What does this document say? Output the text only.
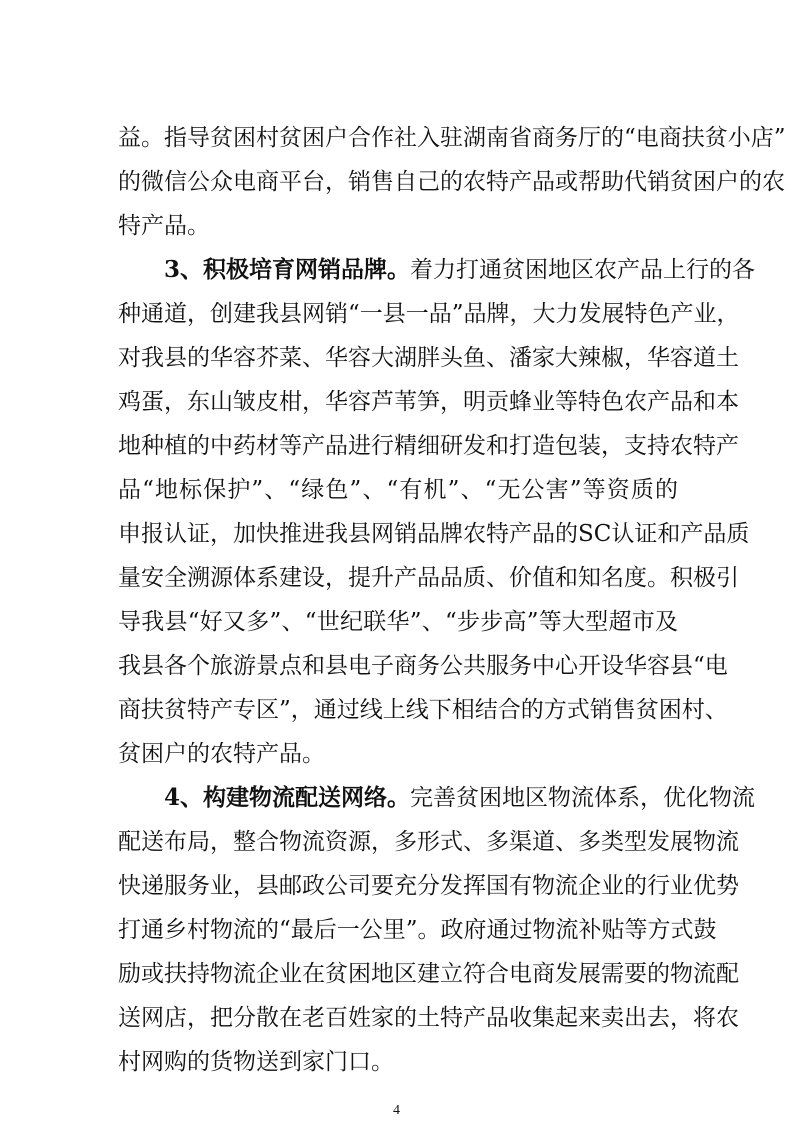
益。指导贫困村贫困户合作社入驻湖南省商务厅的“电商扶贫小店”
的微信公众电商平台，销售自己的农特产品或帮助代销贫困户的农
特产品。
3、积极培育网销品牌。着力打通贫困地区农产品上行的各
种通道，创建我县网销“一县一品”品牌，大力发展特色产业，
对我县的华容芥菜、华容大湖胖头鱼、潘家大辣椒，华容道土
鸡蛋，东山皱皮柑，华容芦苇笋，明贡蜂业等特色农产品和本
地种植的中药材等产品进行精细研发和打造包装，支持农特产
品“地标保护”、“绿色”、“有机”、“无公害”等资质的
申报认证，加快推进我县网销品牌农特产品的SC认证和产品质
量安全溯源体系建设，提升产品品质、价值和知名度。积极引
导我县“好又多”、“世纪联华”、“步步高”等大型超市及
我县各个旅游景点和县电子商务公共服务中心开设华容县“电
商扶贫特产专区”，通过线上线下相结合的方式销售贫困村、
贫困户的农特产品。
4、构建物流配送网络。完善贫困地区物流体系，优化物流
配送布局，整合物流资源，多形式、多渠道、多类型发展物流
快递服务业，县邮政公司要充分发挥国有物流企业的行业优势
打通乡村物流的“最后一公里”。政府通过物流补贴等方式鼓
励或扶持物流企业在贫困地区建立符合电商发展需要的物流配
4
送网店，把分散在老百姓家的土特产品收集起来卖出去，将农
村网购的货物送到家门口。
